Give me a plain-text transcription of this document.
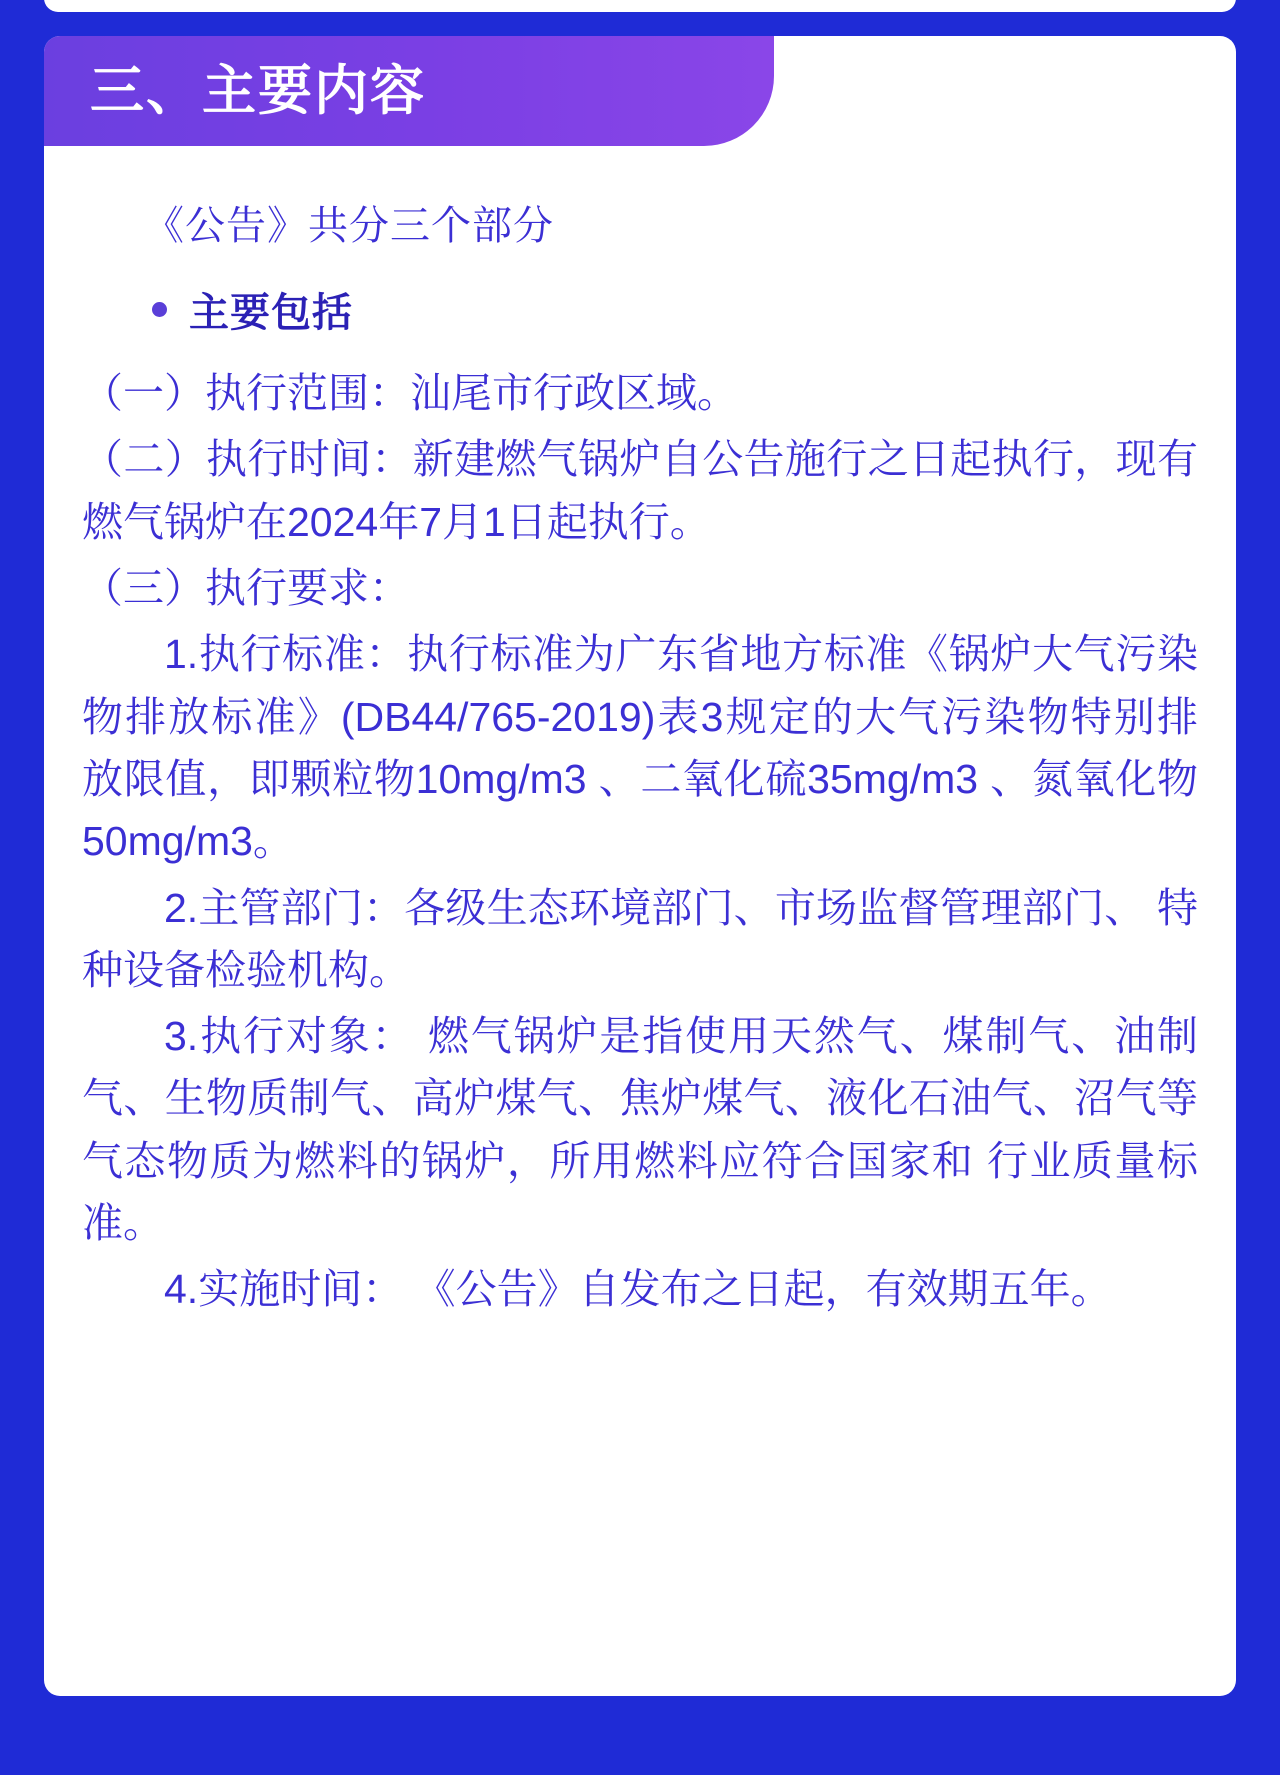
三、主要内容
《公告》共分三个部分
主要包括

（一）执行范围：汕尾市行政区域。

（二）执行时间：新建燃气锅炉自公告施行之日起执行，现有燃气锅炉在2024年7月1日起执行。

（三）执行要求：

1.执行标准：执行标准为广东省地方标准《锅炉大气污染物排放标准》(DB44/765-2019)表3规定的大气污染物特别排放限值，即颗粒物10mg/m3 、二氧化硫35mg/m3 、氮氧化物50mg/m3。

2.主管部门：各级生态环境部门、市场监督管理部门、 特种设备检验机构。

3.执行对象： 燃气锅炉是指使用天然气、煤制气、油制气、生物质制气、高炉煤气、焦炉煤气、液化石油气、沼气等气态物质为燃料的锅炉，所用燃料应符合国家和 行业质量标准。

4.实施时间： 《公告》自发布之日起，有效期五年。
